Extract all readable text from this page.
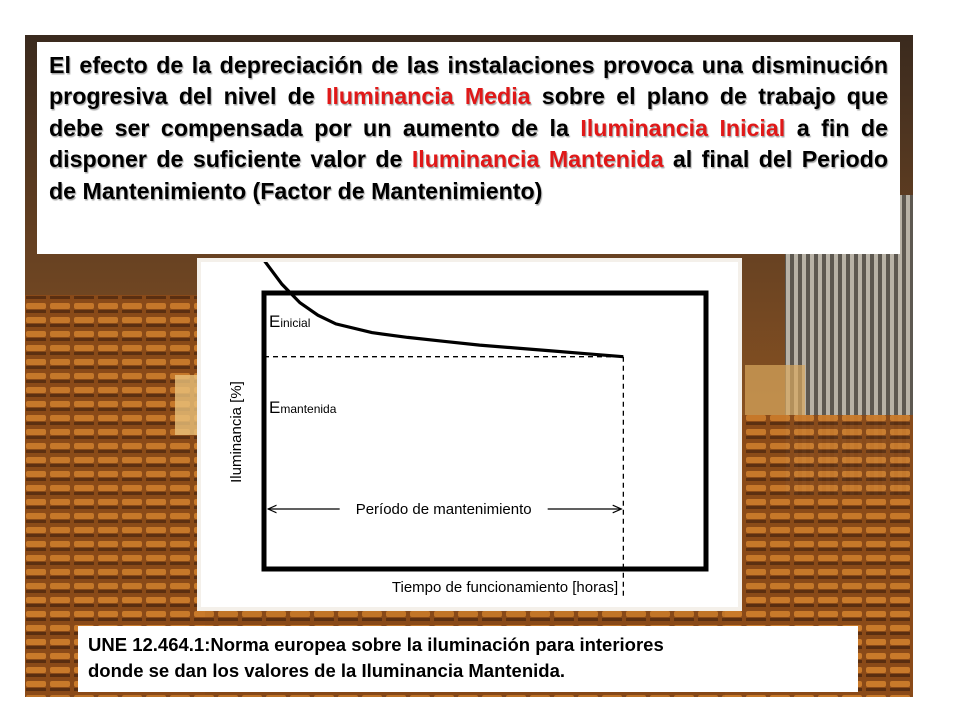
El efecto de la depreciación de las instalaciones provoca una disminución progresiva del nivel de Iluminancia Media sobre el plano de trabajo que debe ser compensada por un aumento de la Iluminancia Inicial a fin de disponer de suficiente valor de Iluminancia Mantenida al final del Periodo de Mantenimiento (Factor de Mantenimiento)
Período de mantenimiento
Einicial
Emantenida
Iluminancia [%]
Tiempo de funcionamiento [horas]
UNE 12.464.1:Norma europea sobre la iluminación para interiores
donde se dan los valores de la Iluminancia Mantenida.
